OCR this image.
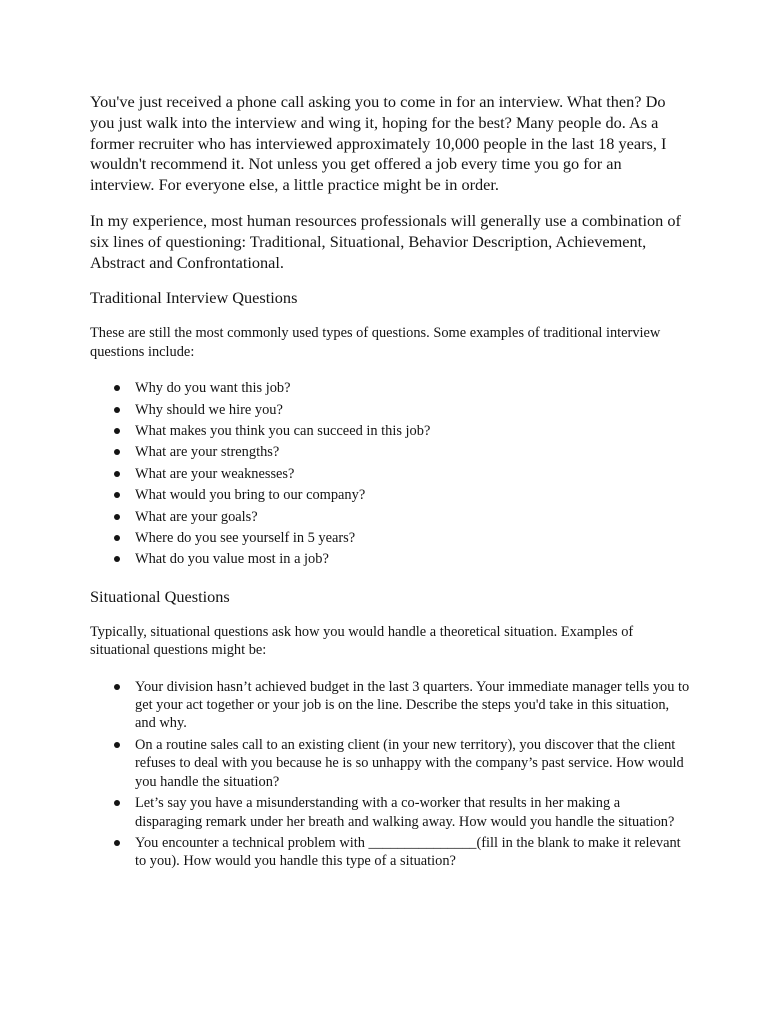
You've just received a phone call asking you to come in for an interview. What then? Do you just walk into the interview and wing it, hoping for the best? Many people do. As a former recruiter who has interviewed approximately 10,000 people in the last 18 years, I wouldn't recommend it. Not unless you get offered a job every time you go for an interview. For everyone else, a little practice might be in order.

In my experience, most human resources professionals will generally use a combination of six lines of questioning: Traditional, Situational, Behavior Description, Achievement, Abstract and Confrontational.

Traditional Interview Questions

These are still the most commonly used types of questions. Some examples of traditional interview questions include:

Why do you want this job?
Why should we hire you?
What makes you think you can succeed in this job?
What are your strengths?
What are your weaknesses?
What would you bring to our company?
What are your goals?
Where do you see yourself in 5 years?
What do you value most in a job?
Situational Questions

Typically, situational questions ask how you would handle a theoretical situation. Examples of situational questions might be:

Your division hasn’t achieved budget in the last 3 quarters. Your immediate manager tells you to get your act together or your job is on the line. Describe the steps you'd take in this situation, and why.
On a routine sales call to an existing client (in your new territory), you discover that the client refuses to deal with you because he is so unhappy with the company’s past service. How would you handle the situation?
Let’s say you have a misunderstanding with a co-worker that results in her making a disparaging remark under her breath and walking away. How would you handle the situation?
You encounter a technical problem with _______________(fill in the blank to make it relevant to you). How would you handle this type of a situation?
